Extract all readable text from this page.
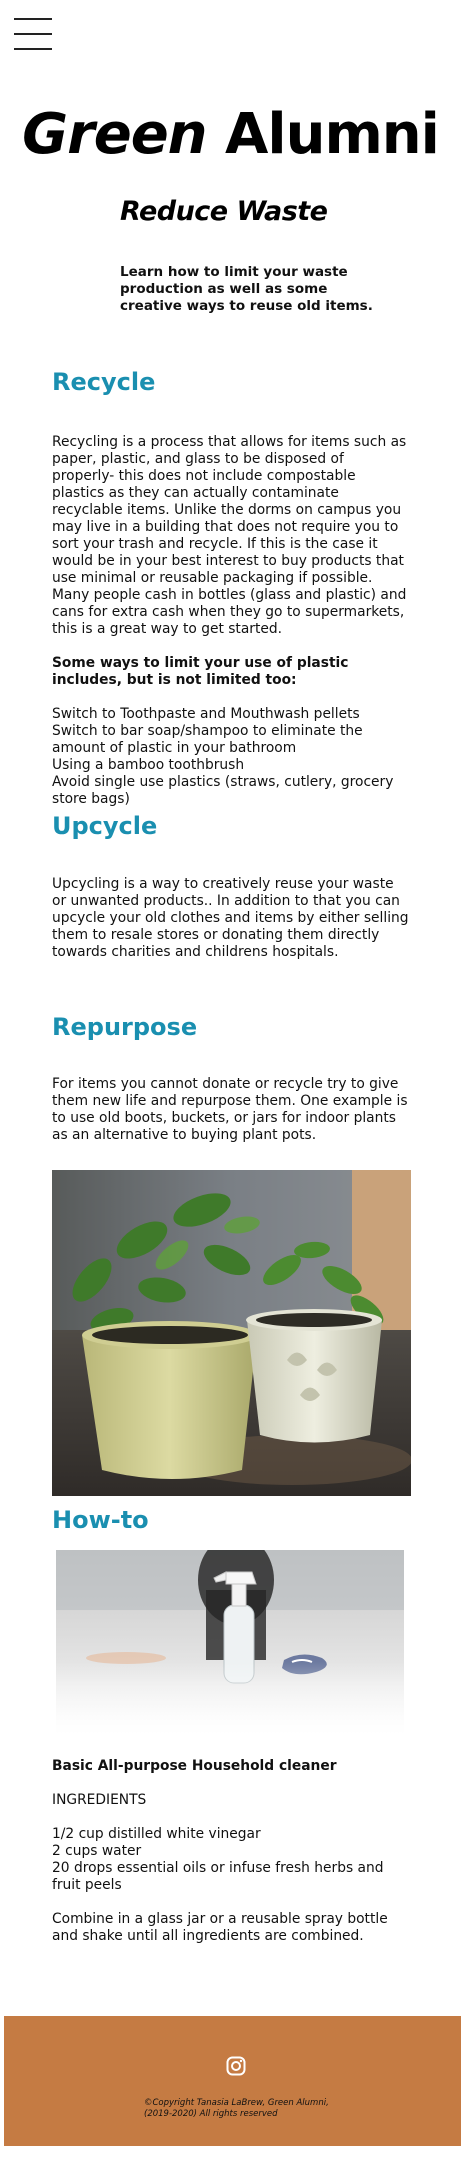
Green Alumni
Reduce Waste
Learn how to limit your waste production as well as some creative ways to reuse old items.
Recycle

Recycling is a process that allows for items such as paper, plastic, and glass to be disposed of properly- this does not include compostable plastics as they can actually contaminate recyclable items. Unlike the dorms on campus you may live in a building that does not require you to sort your trash and recycle. If this is the case it would be in your best interest to buy products that use minimal or reusable packaging if possible. Many people cash in bottles (glass and plastic) and cans for extra cash when they go to supermarkets, this is a great way to get started.

Some ways to limit your use of plastic includes, but is not limited too:

Switch to Toothpaste and Mouthwash pellets

Switch to bar soap/shampoo to eliminate the amount of plastic in your bathroom

Using a bamboo toothbrush

Avoid single use plastics (straws, cutlery, grocery store bags)

Upcycle
Upcycling is a way to creatively reuse your waste or unwanted products.. In addition to that you can upcycle your old clothes and items by either selling them to resale stores or donating them directly towards charities and childrens hospitals.
Repurpose
For items you cannot donate or recycle try to give them new life and repurpose them. One example is to use old boots, buckets, or jars for indoor plants as an alternative to buying plant pots.
How-to

Basic All-purpose Household cleaner

INGREDIENTS

1/2 cup distilled white vinegar

2 cups water

20 drops essential oils or infuse fresh herbs and fruit peels

Combine in a glass jar or a reusable spray bottle and shake until all ingredients are combined.

©Copyright Tanasia LaBrew, Green Alumni,
(2019-2020) All rights reserved
